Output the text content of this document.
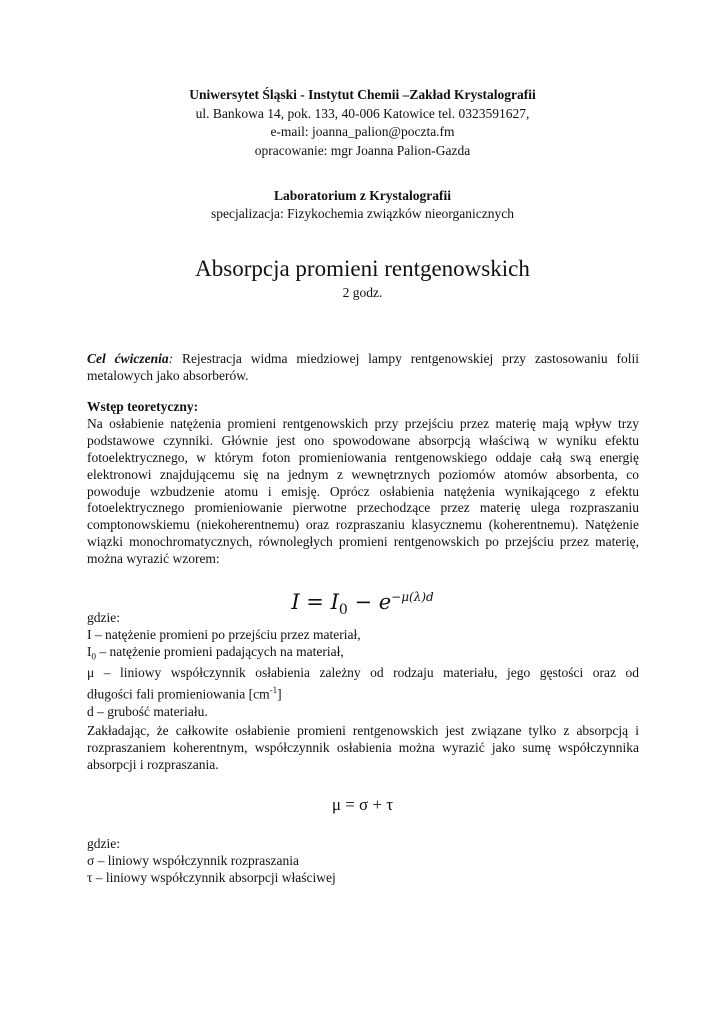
Uniwersytet Śląski - Instytut Chemii –Zakład Krystalografii
ul. Bankowa 14, pok. 133, 40-006 Katowice tel. 0323591627,
e-mail: joanna_palion@poczta.fm
opracowanie: mgr Joanna Palion-Gazda
Laboratorium z Krystalografii
specjalizacja: Fizykochemia związków nieorganicznych
Absorpcja promieni rentgenowskich
2 godz.
Cel ćwiczenia: Rejestracja widma miedziowej lampy rentgenowskiej przy zastosowaniu folii metalowych jako absorberów.
Wstęp teoretyczny:
Na osłabienie natężenia promieni rentgenowskich przy przejściu przez materię mają wpływ trzy podstawowe czynniki. Głównie jest ono spowodowane absorpcją właściwą w wyniku efektu fotoelektrycznego, w którym foton promieniowania rentgenowskiego oddaje całą swą energię elektronowi znajdującemu się na jednym z wewnętrznych poziomów atomów absorbenta, co powoduje wzbudzenie atomu i emisję. Oprócz osłabienia natężenia wynikającego z efektu fotoelektrycznego promieniowanie pierwotne przechodzące przez materię ulega rozpraszaniu comptonowskiemu (niekoherentnemu) oraz rozpraszaniu klasycznemu (koherentnemu). Natężenie wiązki monochromatycznych, równoległych promieni rentgenowskich po przejściu przez materię, można wyrazić wzorem:
$I = I_0 - e^{-\mu(\lambda)d}$
gdzie:
I – natężenie promieni po przejściu przez materiał,
$I_0$ – natężenie promieni padających na materiał,
μ – liniowy współczynnik osłabienia zależny od rodzaju materiału, jego gęstości oraz od
długości fali promieniowania $[cm^{-1}]$
d – grubość materiału.
Zakładając, że całkowite osłabienie promieni rentgenowskich jest związane tylko z absorpcją i rozpraszaniem koherentnym, współczynnik osłabienia można wyrazić jako sumę współczynnika absorpcji i rozpraszania.
μ = σ + τ
gdzie:
σ – liniowy współczynnik rozpraszania
τ – liniowy współczynnik absorpcji właściwej
